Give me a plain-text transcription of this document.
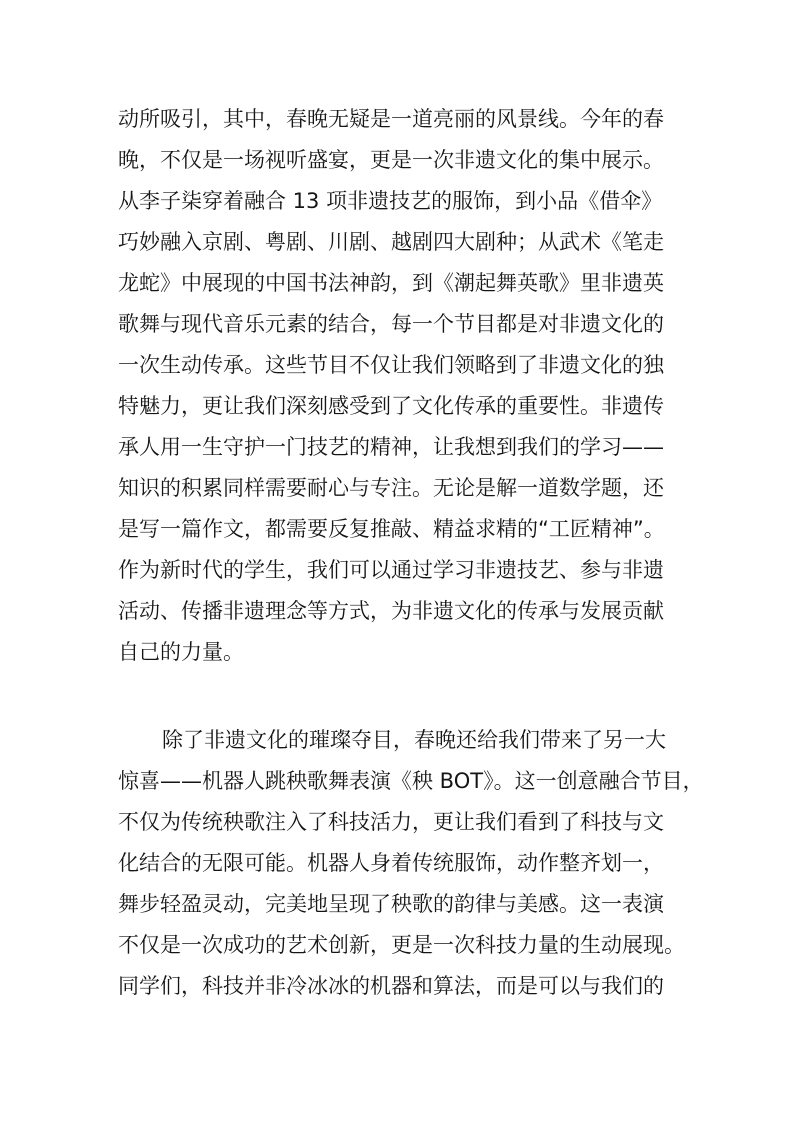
动所吸引，其中，春晚无疑是一道亮丽的风景线。今年的春
晚，不仅是一场视听盛宴，更是一次非遗文化的集中展示。
从李子柒穿着融合 13 项非遗技艺的服饰，到小品《借伞》
巧妙融入京剧、粤剧、川剧、越剧四大剧种；从武术《笔走
龙蛇》中展现的中国书法神韵，到《潮起舞英歌》里非遗英
歌舞与现代音乐元素的结合，每一个节目都是对非遗文化的
一次生动传承。这些节目不仅让我们领略到了非遗文化的独
特魅力，更让我们深刻感受到了文化传承的重要性。非遗传
承人用一生守护一门技艺的精神，让我想到我们的学习——
知识的积累同样需要耐心与专注。无论是解一道数学题，还
是写一篇作文，都需要反复推敲、精益求精的“工匠精神”。
作为新时代的学生，我们可以通过学习非遗技艺、参与非遗
活动、传播非遗理念等方式，为非遗文化的传承与发展贡献
自己的力量。
除了非遗文化的璀璨夺目，春晚还给我们带来了另一大
惊喜——机器人跳秧歌舞表演《秧 BOT》。这一创意融合节目，
不仅为传统秧歌注入了科技活力，更让我们看到了科技与文
化结合的无限可能。机器人身着传统服饰，动作整齐划一，
舞步轻盈灵动，完美地呈现了秧歌的韵律与美感。这一表演
不仅是一次成功的艺术创新，更是一次科技力量的生动展现。
同学们，科技并非冷冰冰的机器和算法，而是可以与我们的
